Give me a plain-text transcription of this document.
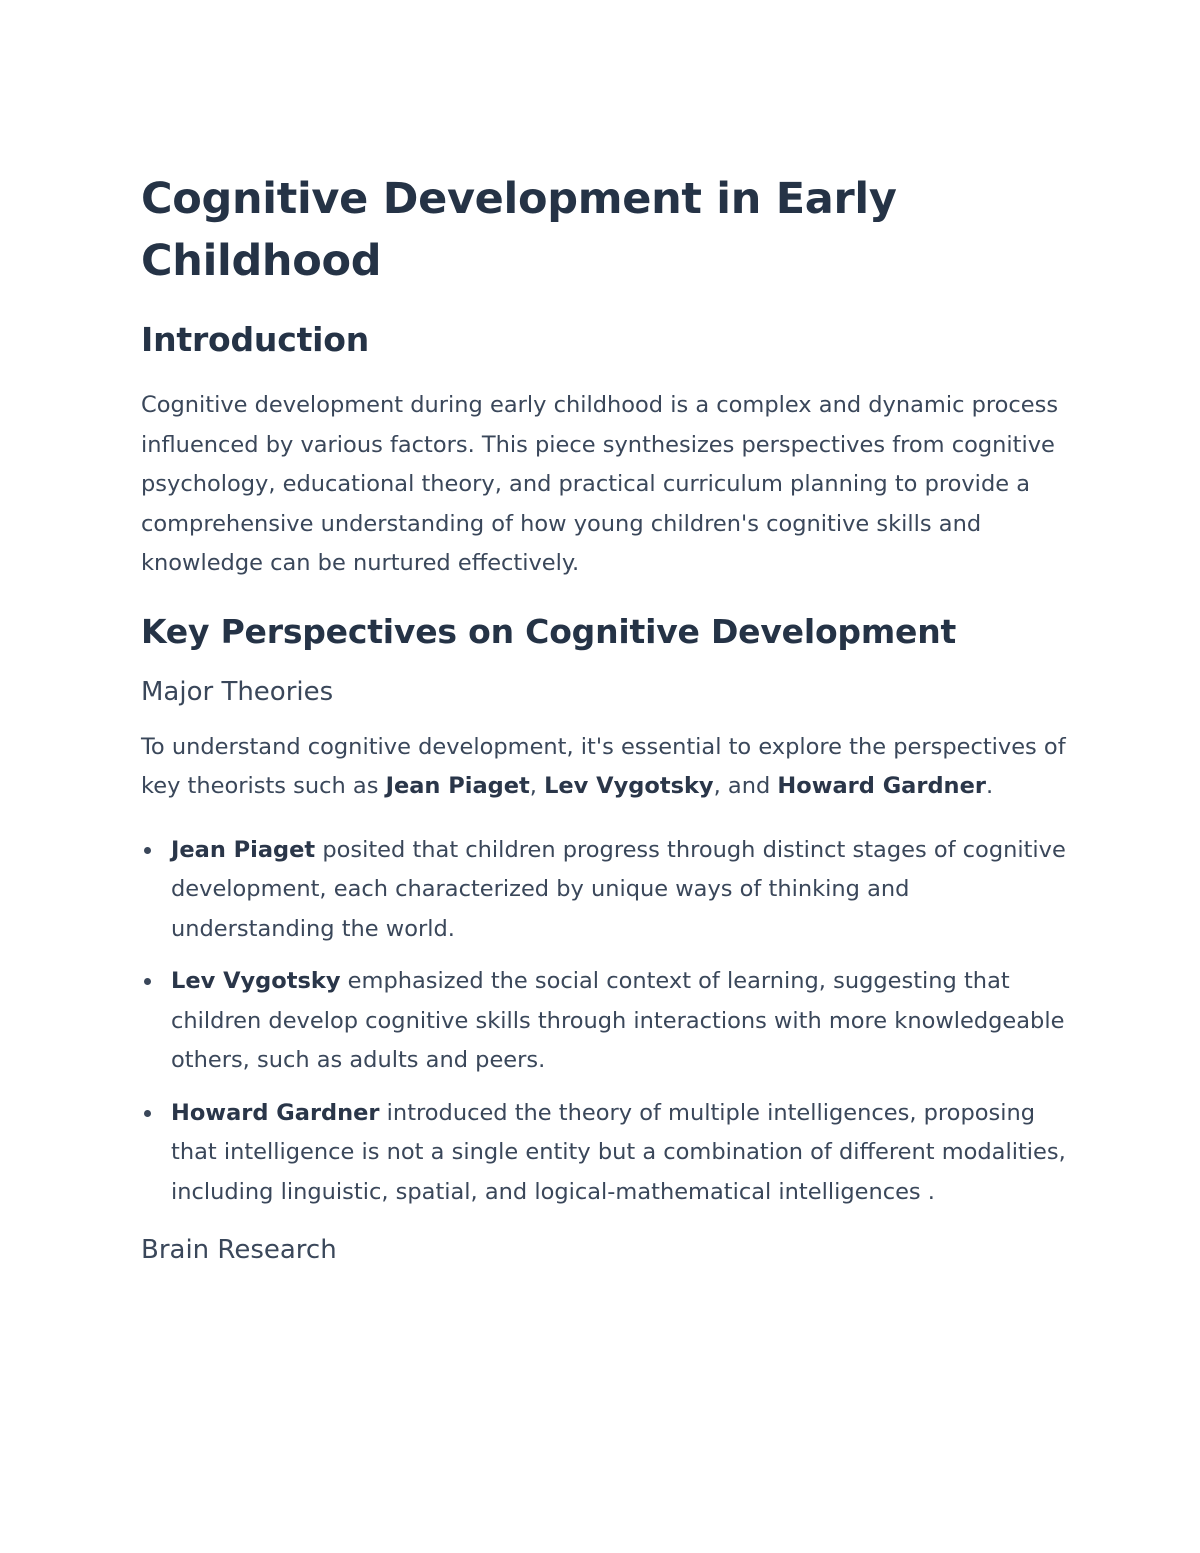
Cognitive Development in Early Childhood
Introduction

Cognitive development during early childhood is a complex and dynamic process influenced by various factors. This piece synthesizes perspectives from cognitive psychology, educational theory, and practical curriculum planning to provide a comprehensive understanding of how young children's cognitive skills and knowledge can be nurtured effectively.

Key Perspectives on Cognitive Development
Major Theories

To understand cognitive development, it's essential to explore the perspectives of key theorists such as Jean Piaget, Lev Vygotsky, and Howard Gardner.

Jean Piaget posited that children progress through distinct stages of cognitive development, each characterized by unique ways of thinking and understanding the world.
Lev Vygotsky emphasized the social context of learning, suggesting that children develop cognitive skills through interactions with more knowledgeable others, such as adults and peers.
Howard Gardner introduced the theory of multiple intelligences, proposing that intelligence is not a single entity but a combination of different modalities, including linguistic, spatial, and logical-mathematical intelligences .
Brain Research
